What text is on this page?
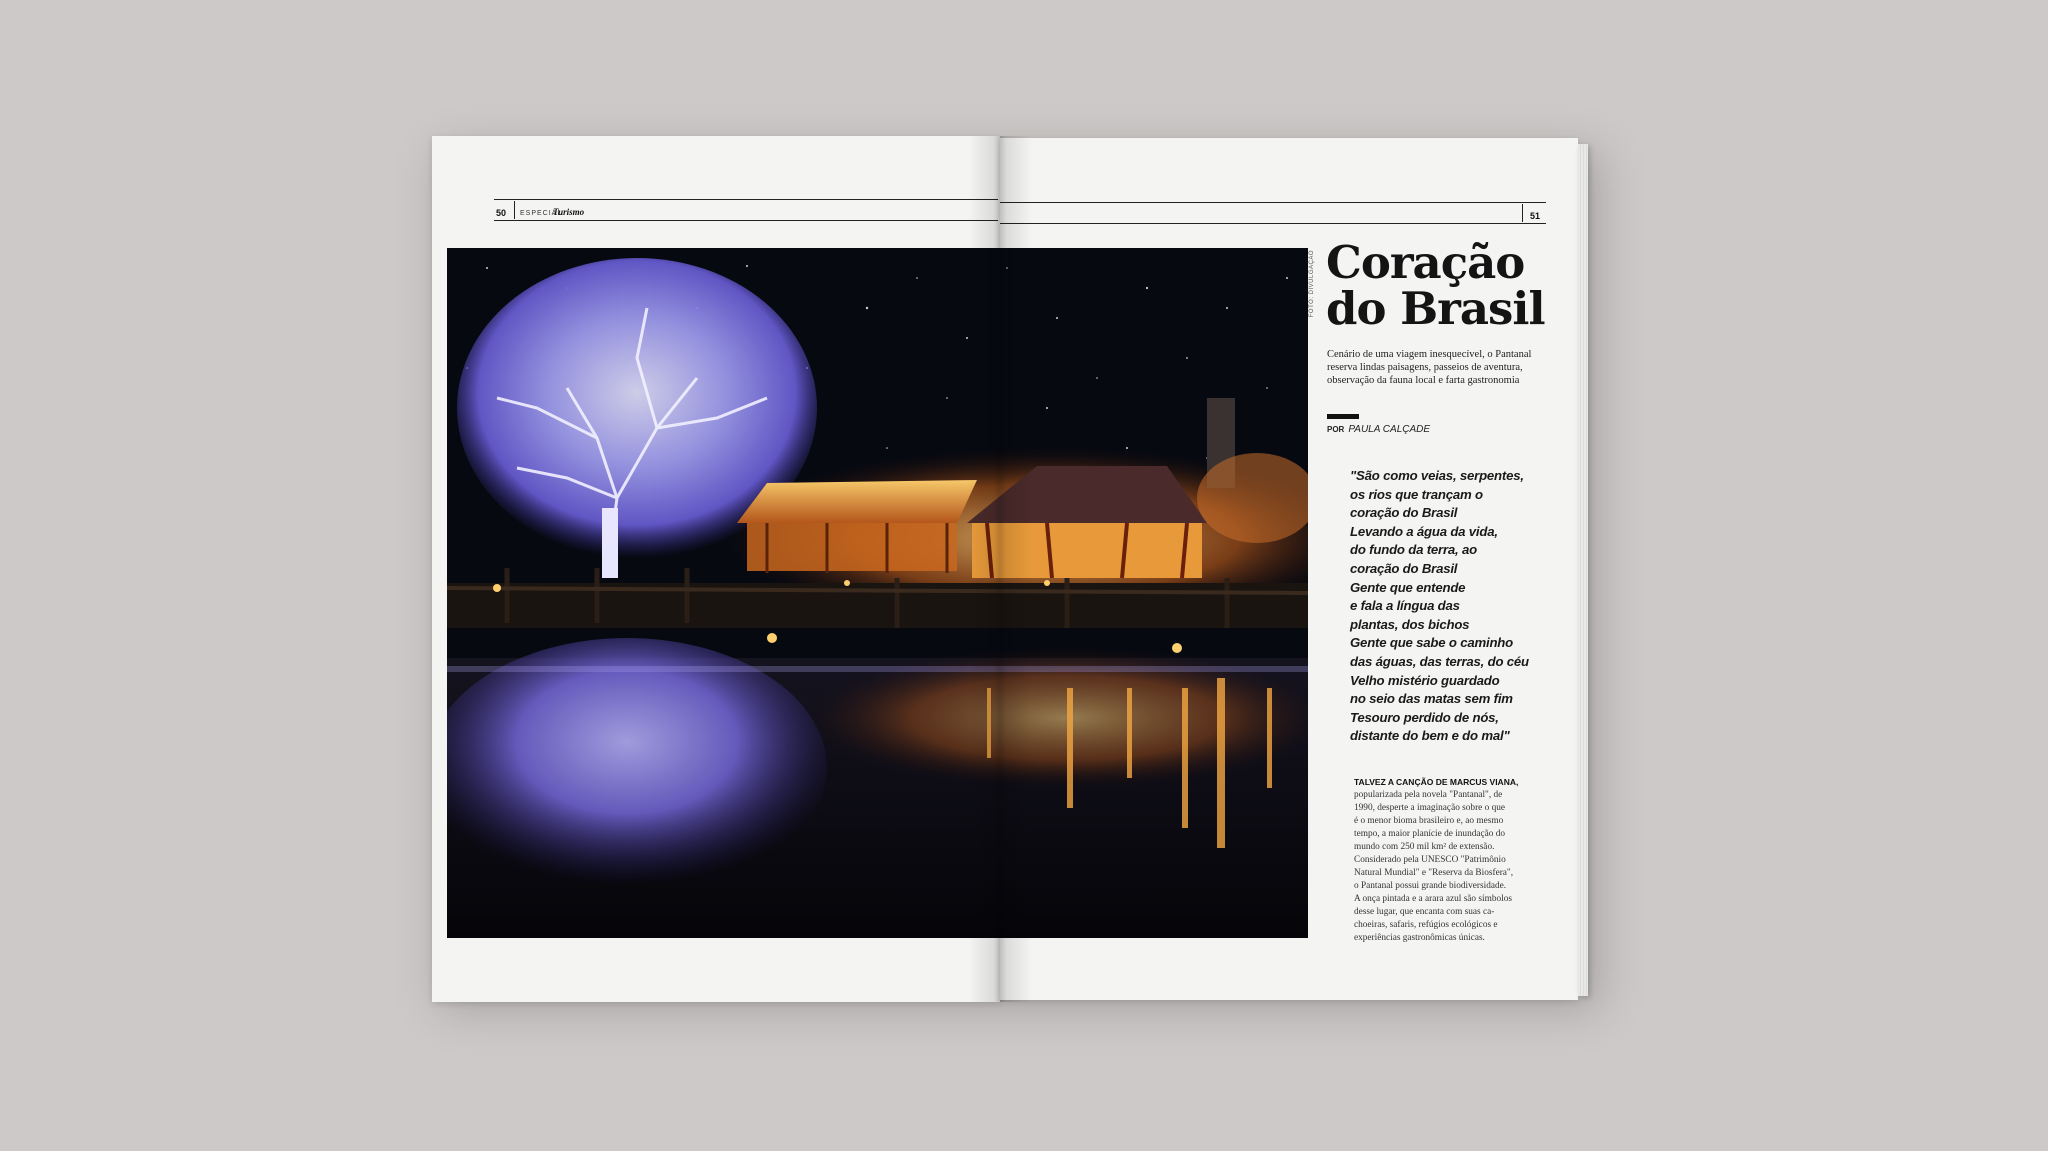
50 ESPECIAL
Turismo	51
FOTO: DIVULGAÇÃO Coração
do Brasil
Cenário de uma viagem inesquecível, o Pantanal
reserva lindas paisagens, passeios de aventura,
observação da fauna local e farta gastronomia
POR PAULA CALÇADE
"São como veias, serpentes,
os rios que trançam o
coração do Brasil
Levando a água da vida,
do fundo da terra, ao
coração do Brasil
Gente que entende
e fala a língua das
plantas, dos bichos
Gente que sabe o caminho
das águas, das terras, do céu
Velho mistério guardado
no seio das matas sem fim
Tesouro perdido de nós,
distante do bem e do mal"
TALVEZ A CANÇÃO DE MARCUS VIANA,
popularizada pela novela "Pantanal", de
1990, desperte a imaginação sobre o que
é o menor bioma brasileiro e, ao mesmo
tempo, a maior planície de inundação do
mundo com 250 mil km² de extensão.
Considerado pela UNESCO "Patrimônio
Natural Mundial" e "Reserva da Biosfera",
o Pantanal possui grande biodiversidade.
A onça pintada e a arara azul são símbolos
desse lugar, que encanta com suas ca-
choeiras, safaris, refúgios ecológicos e
experiências gastronômicas únicas.
